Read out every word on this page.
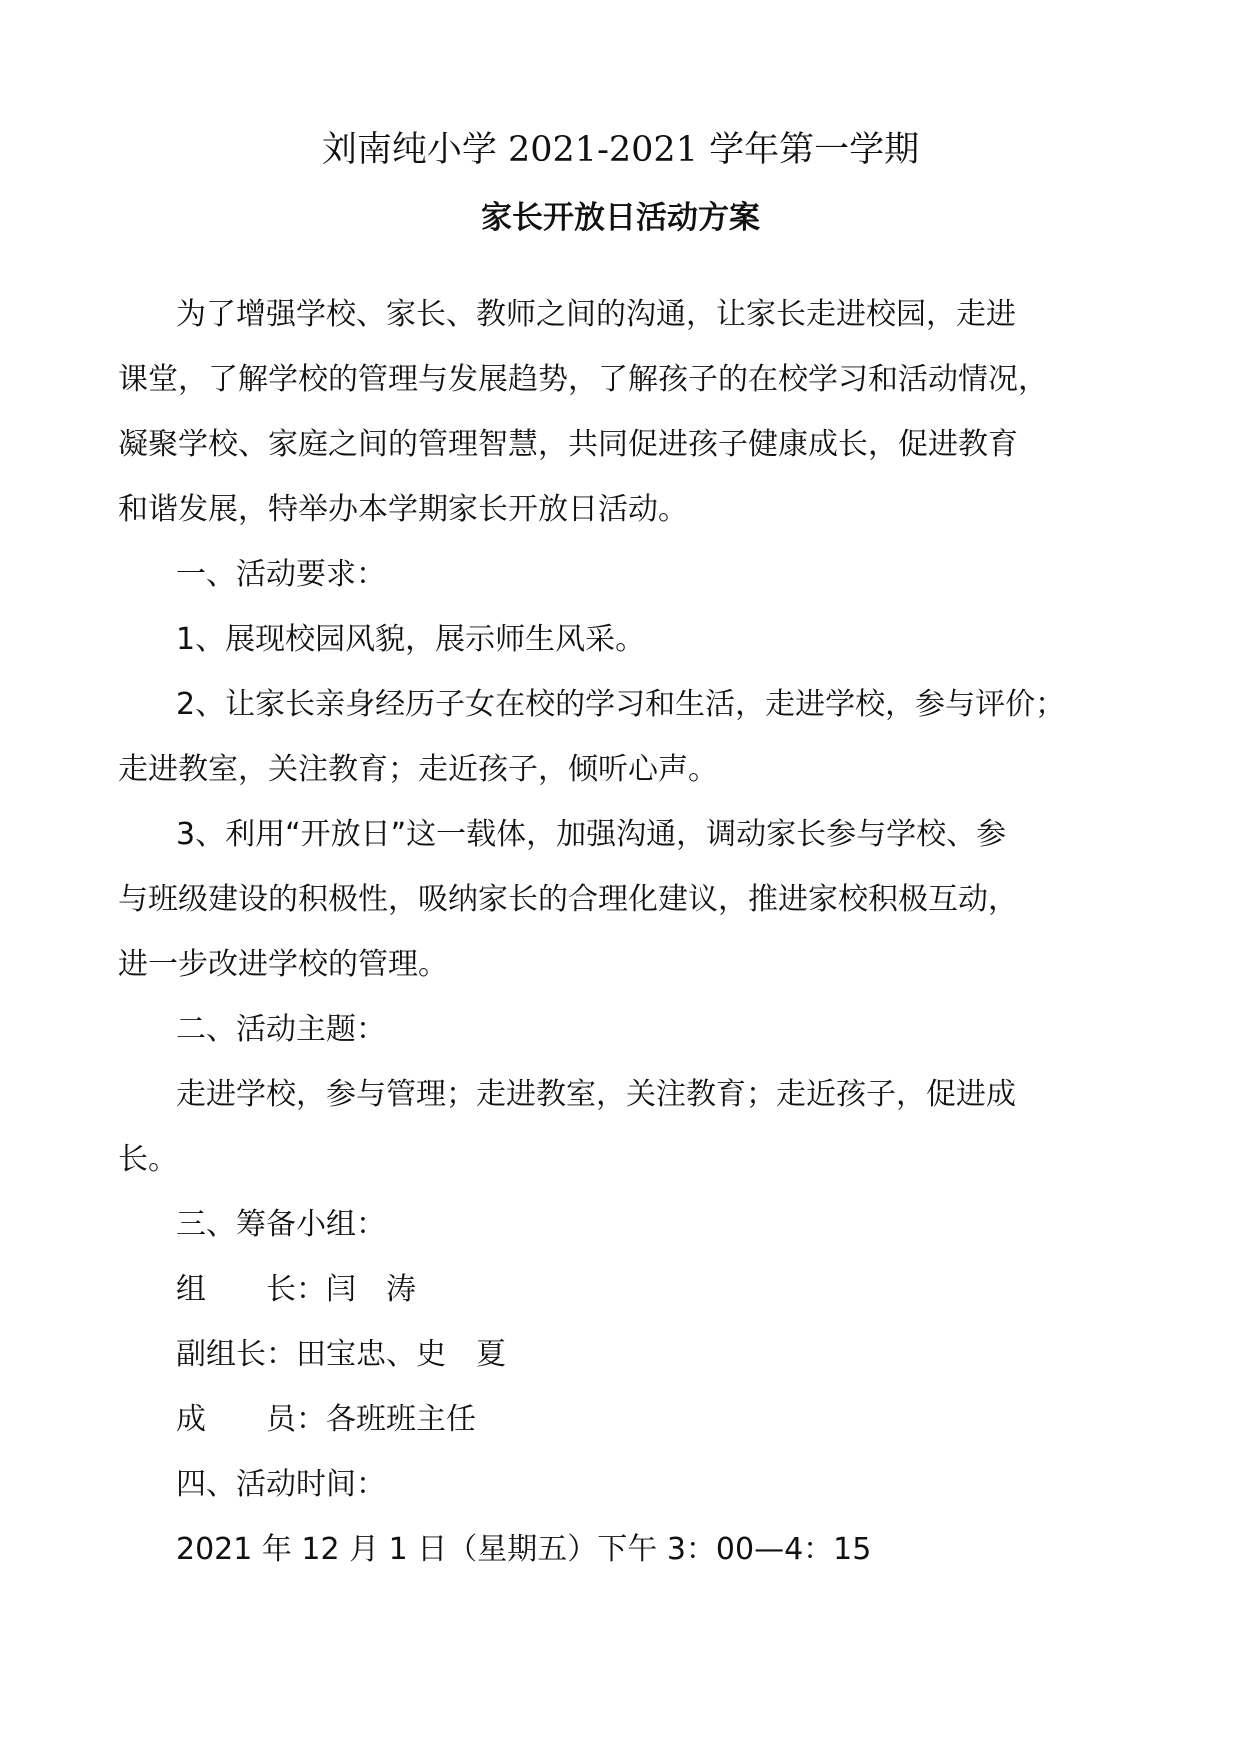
刘南纯小学 2021-2021 学年第一学期
家长开放日活动方案
为了增强学校、家长、教师之间的沟通，让家长走进校园，走进
课堂，了解学校的管理与发展趋势，了解孩子的在校学习和活动情况，
凝聚学校、家庭之间的管理智慧，共同促进孩子健康成长，促进教育
和谐发展，特举办本学期家长开放日活动。
一、活动要求：
1、展现校园风貌，展示师生风采。
2、让家长亲身经历子女在校的学习和生活，走进学校，参与评价；
走进教室，关注教育；走近孩子，倾听心声。
3、利用“开放日”这一载体，加强沟通，调动家长参与学校、参
与班级建设的积极性，吸纳家长的合理化建议，推进家校积极互动，
进一步改进学校的管理。
二、活动主题：
走进学校，参与管理；走进教室，关注教育；走近孩子，促进成
长。
三、筹备小组：
组　　长：闫　涛
副组长：田宝忠、史　夏
成　　员：各班班主任
四、活动时间：
2021 年 12 月 1 日（星期五）下午 3：00—4：15
